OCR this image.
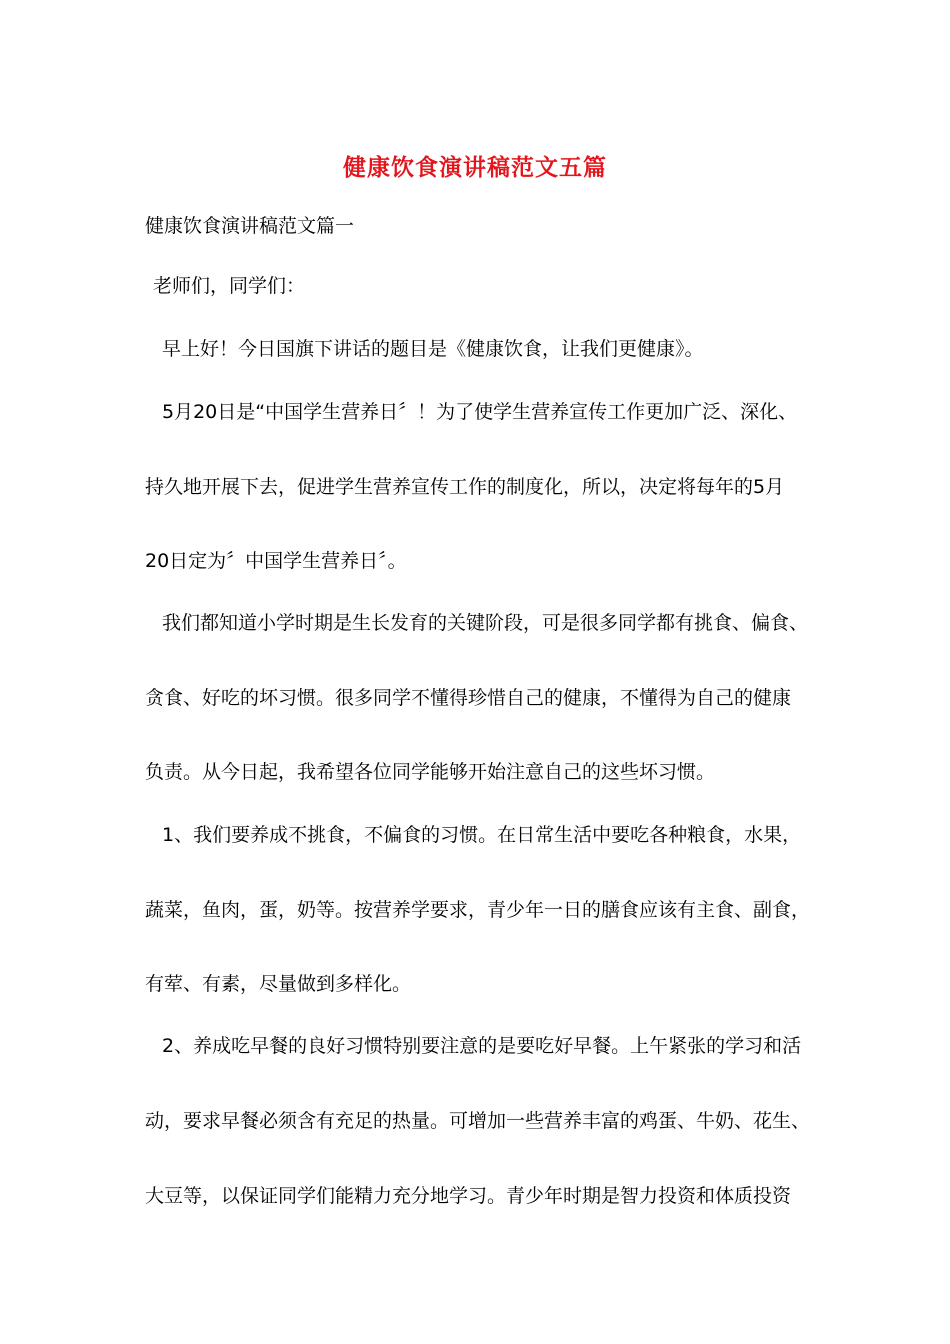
健康饮食演讲稿范文五篇
健康饮食演讲稿范文篇一
老师们，同学们：
早上好！今日国旗下讲话的题目是《健康饮食，让我们更健康》。
5月20日是“中国学生营养日〞！为了使学生营养宣传工作更加广泛、深化、
持久地开展下去，促进学生营养宣传工作的制度化，所以，决定将每年的5月
20日定为〞中国学生营养日〞。
我们都知道小学时期是生长发育的关键阶段，可是很多同学都有挑食、偏食、
贪食、好吃的坏习惯。很多同学不懂得珍惜自己的健康，不懂得为自己的健康
负责。从今日起，我希望各位同学能够开始注意自己的这些坏习惯。
1、我们要养成不挑食，不偏食的习惯。在日常生活中要吃各种粮食，水果，
蔬菜，鱼肉，蛋，奶等。按营养学要求，青少年一日的膳食应该有主食、副食，
有荤、有素，尽量做到多样化。
2、养成吃早餐的良好习惯特别要注意的是要吃好早餐。上午紧张的学习和活
动，要求早餐必须含有充足的热量。可增加一些营养丰富的鸡蛋、牛奶、花生、
大豆等，以保证同学们能精力充分地学习。青少年时期是智力投资和体质投资
